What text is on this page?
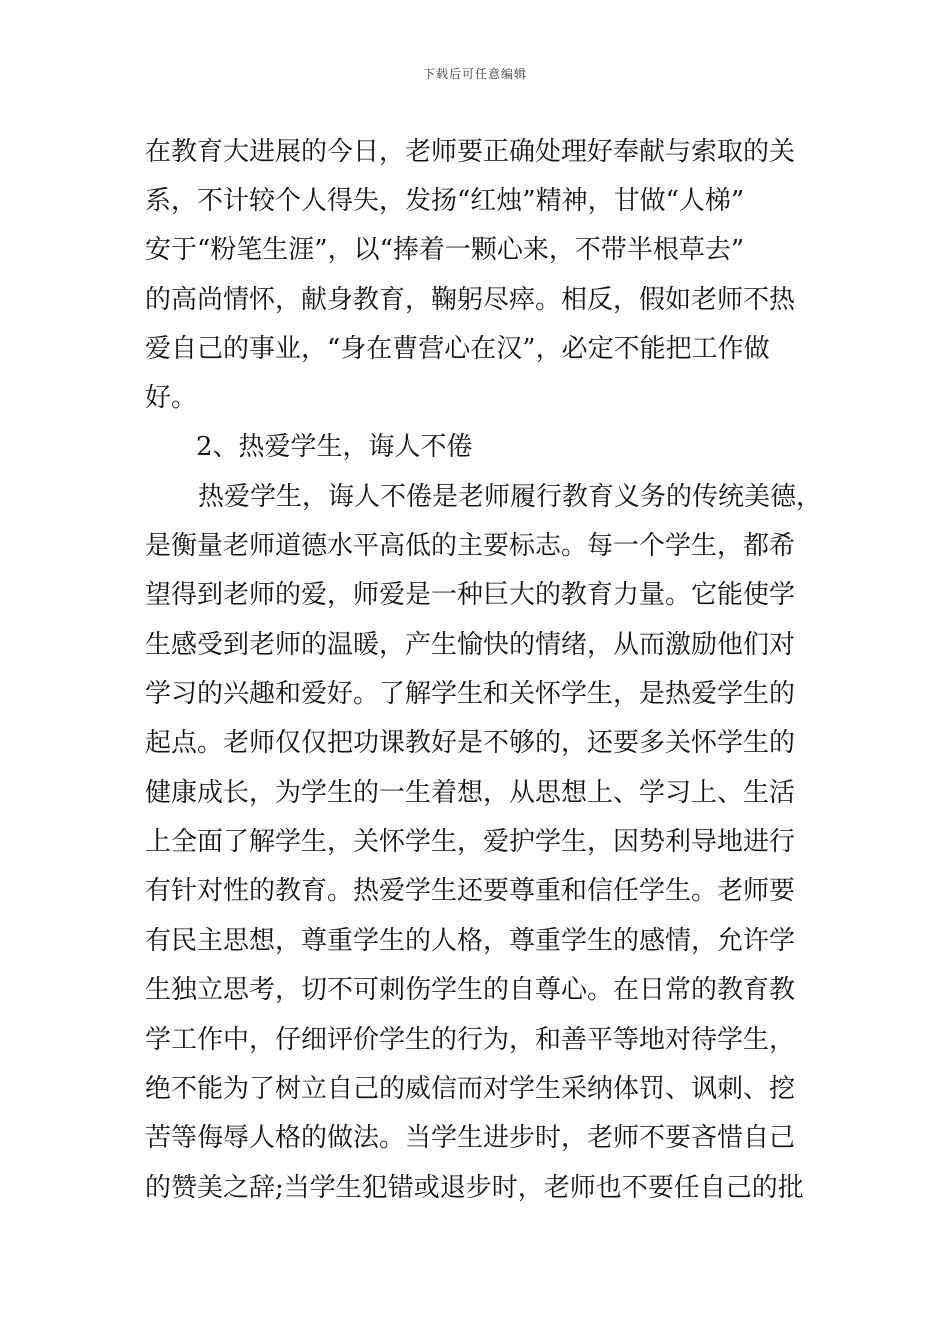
下载后可任意编辑
在教育大进展的今日，老师要正确处理好奉献与索取的关
系，不计较个人得失，发扬“红烛”精神，甘做“人梯”
安于“粉笔生涯”，以“捧着一颗心来，不带半根草去”
的高尚情怀，献身教育，鞠躬尽瘁。相反，假如老师不热
爱自己的事业，“身在曹营心在汉”，必定不能把工作做
好。
2、热爱学生，诲人不倦
热爱学生，诲人不倦是老师履行教育义务的传统美德，
是衡量老师道德水平高低的主要标志。每一个学生，都希
望得到老师的爱，师爱是一种巨大的教育力量。它能使学
生感受到老师的温暖，产生愉快的情绪，从而激励他们对
学习的兴趣和爱好。了解学生和关怀学生，是热爱学生的
起点。老师仅仅把功课教好是不够的，还要多关怀学生的
健康成长，为学生的一生着想，从思想上、学习上、生活
上全面了解学生，关怀学生，爱护学生，因势利导地进行
有针对性的教育。热爱学生还要尊重和信任学生。老师要
有民主思想，尊重学生的人格，尊重学生的感情，允许学
生独立思考，切不可刺伤学生的自尊心。在日常的教育教
学工作中，仔细评价学生的行为，和善平等地对待学生，
绝不能为了树立自己的威信而对学生采纳体罚、讽刺、挖
苦等侮辱人格的做法。当学生进步时，老师不要吝惜自己
的赞美之辞;当学生犯错或退步时，老师也不要任自己的批
